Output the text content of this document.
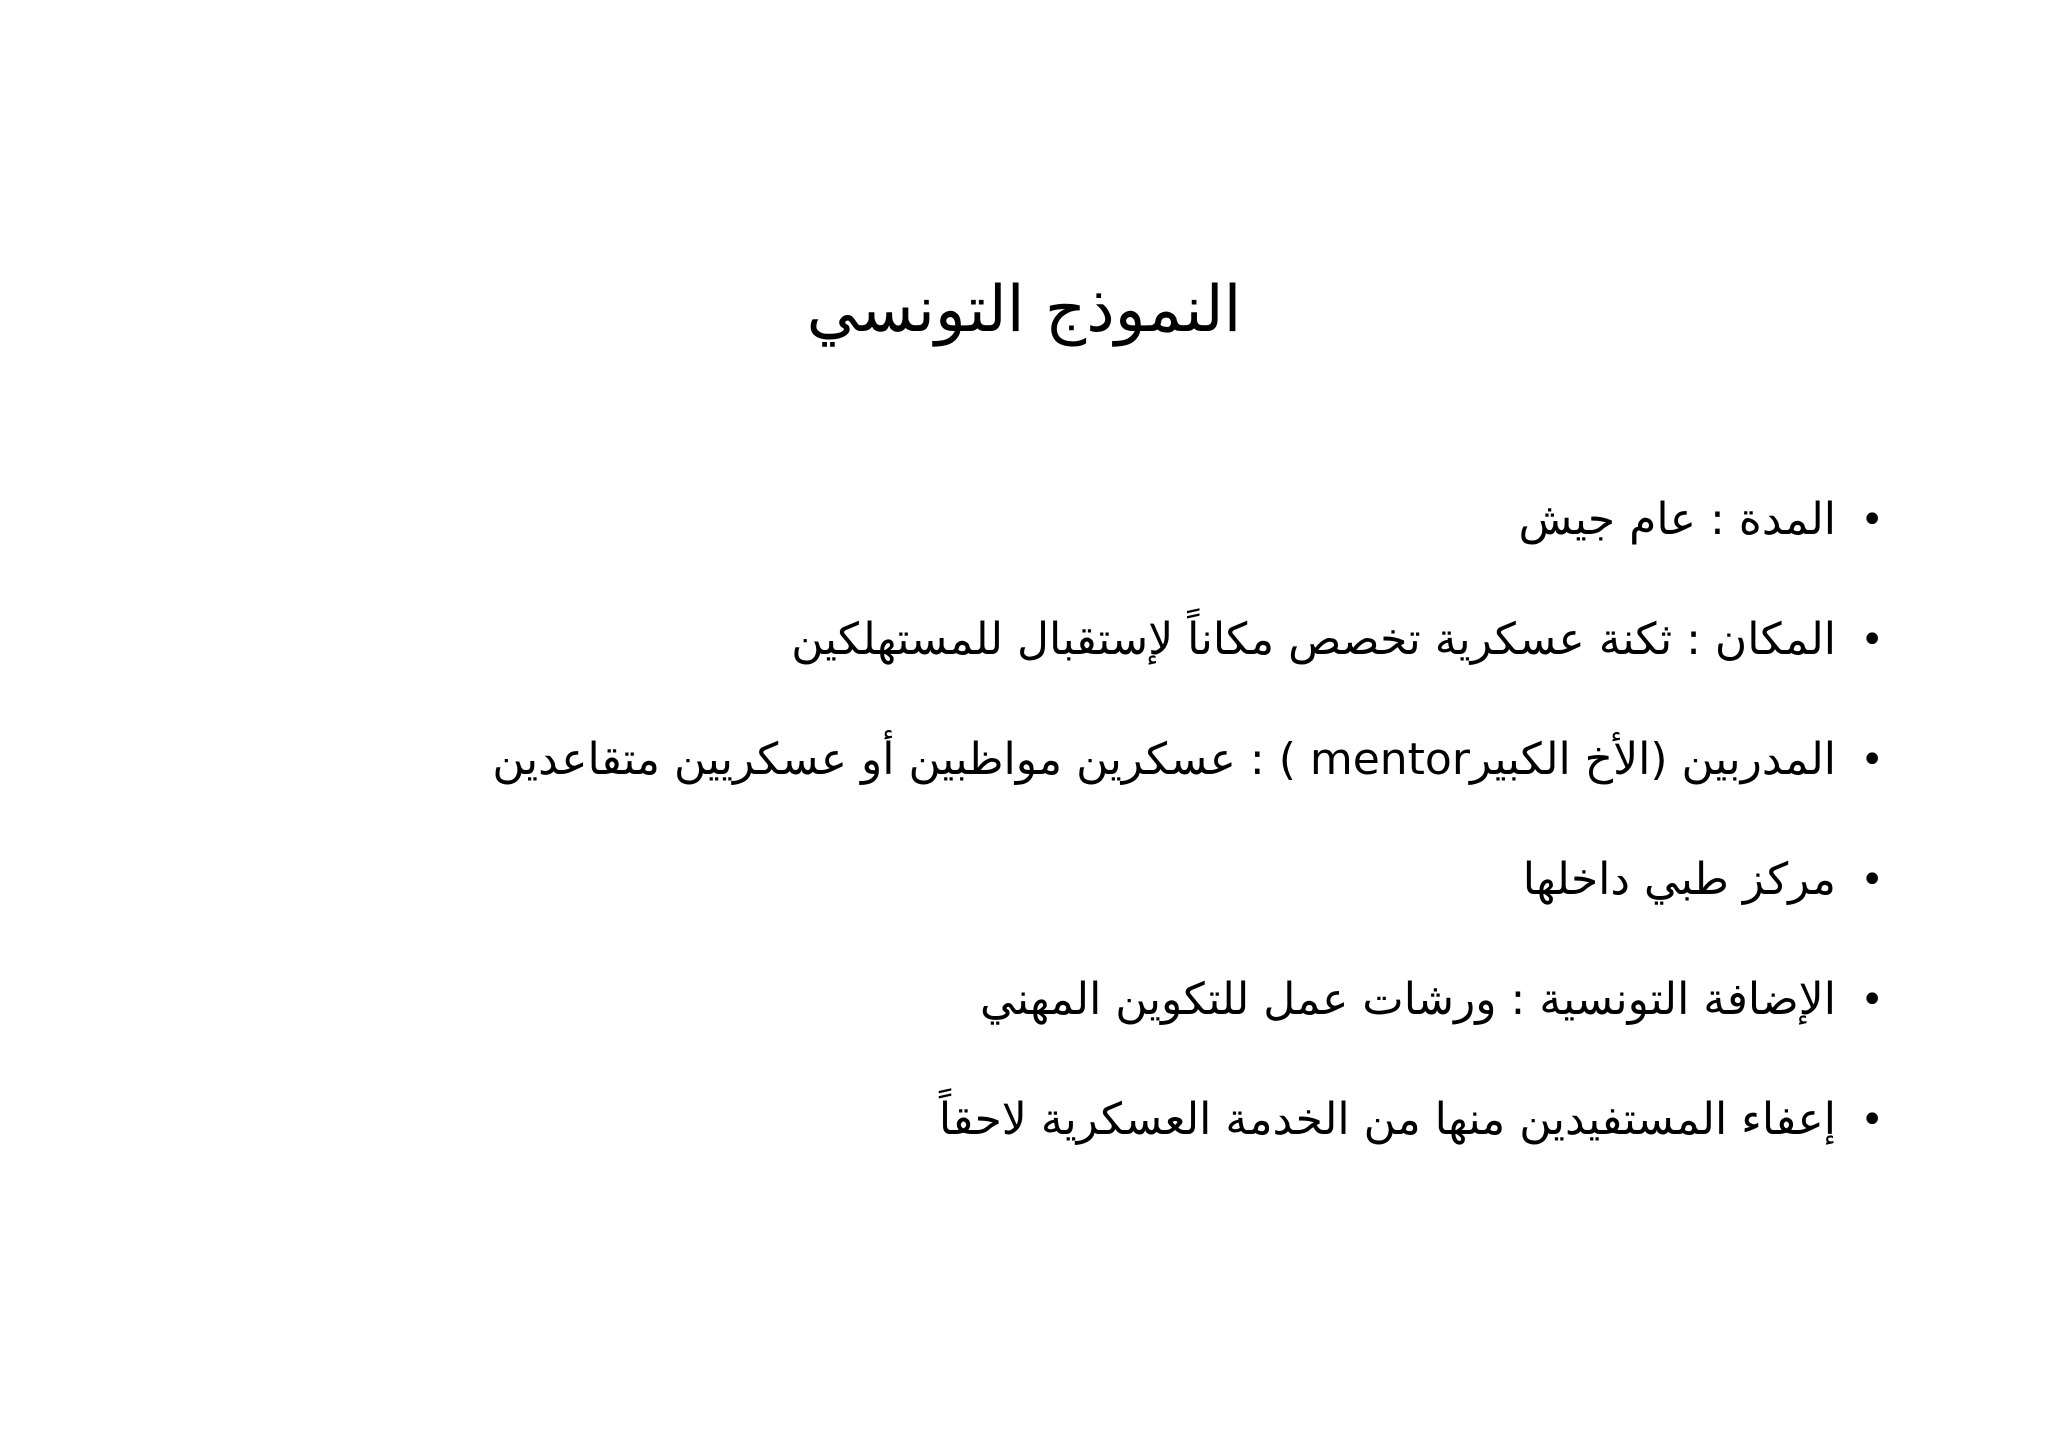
النموذج التونسي
•
المدة : عام جيش
•
المكان : ثكنة عسكرية تخصص مكاناً لإستقبال للمستهلكين
•
المدربين (الأخ الكبيرmentor ) : عسكرين مواظبين أو عسكريين متقاعدين
•
مركز طبي داخلها
•
الإضافة التونسية : ورشات عمل للتكوين المهني
•
إعفاء المستفيدين منها من الخدمة العسكرية لاحقاً
